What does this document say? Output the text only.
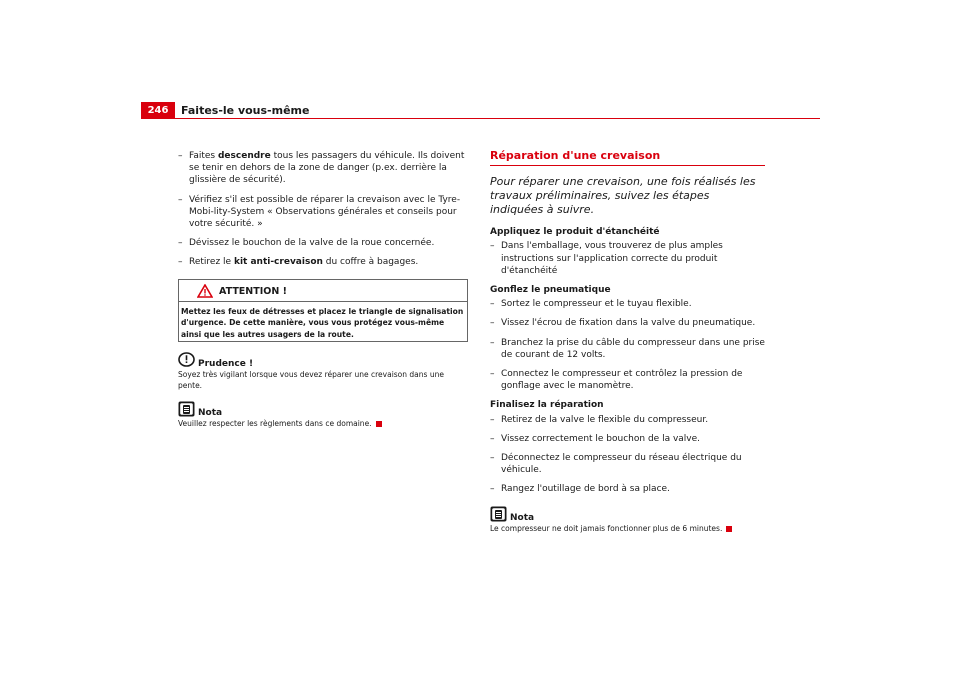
246	Faites-le vous-même
– Faites descendre tous les passagers du véhicule. Ils doivent se tenir en dehors de la zone de danger (p.ex. derrière la glissière de sécurité).
– Vérifiez s'il est possible de réparer la crevaison avec le Tyre-Mobi-lity-System « Observations générales et conseils pour votre sécurité. »
– Dévissez le bouchon de la valve de la roue concernée.
– Retirez le kit anti-crevaison du coffre à bagages.
ATTENTION !
Mettez les feux de détresses et placez le triangle de signalisation d'urgence. De cette manière, vous vous protégez vous-même ainsi que les autres usagers de la route.
Prudence !
Soyez très vigilant lorsque vous devez réparer une crevaison dans une pente.
Nota
Veuillez respecter les règlements dans ce domaine.
Réparation d'une crevaison
Pour réparer une crevaison, une fois réalisés les travaux préliminaires, suivez les étapes indiquées à suivre.
Appliquez le produit d'étanchéité
– Dans l'emballage, vous trouverez de plus amples instructions sur l'application correcte du produit d'étanchéité
Gonflez le pneumatique
– Sortez le compresseur et le tuyau flexible.
– Vissez l'écrou de fixation dans la valve du pneumatique.
– Branchez la prise du câble du compresseur dans une prise de courant de 12 volts.
– Connectez le compresseur et contrôlez la pression de gonflage avec le manomètre.
Finalisez la réparation
– Retirez de la valve le flexible du compresseur.
– Vissez correctement le bouchon de la valve.
– Déconnectez le compresseur du réseau électrique du véhicule.
– Rangez l'outillage de bord à sa place.
Nota
Le compresseur ne doit jamais fonctionner plus de 6 minutes.
